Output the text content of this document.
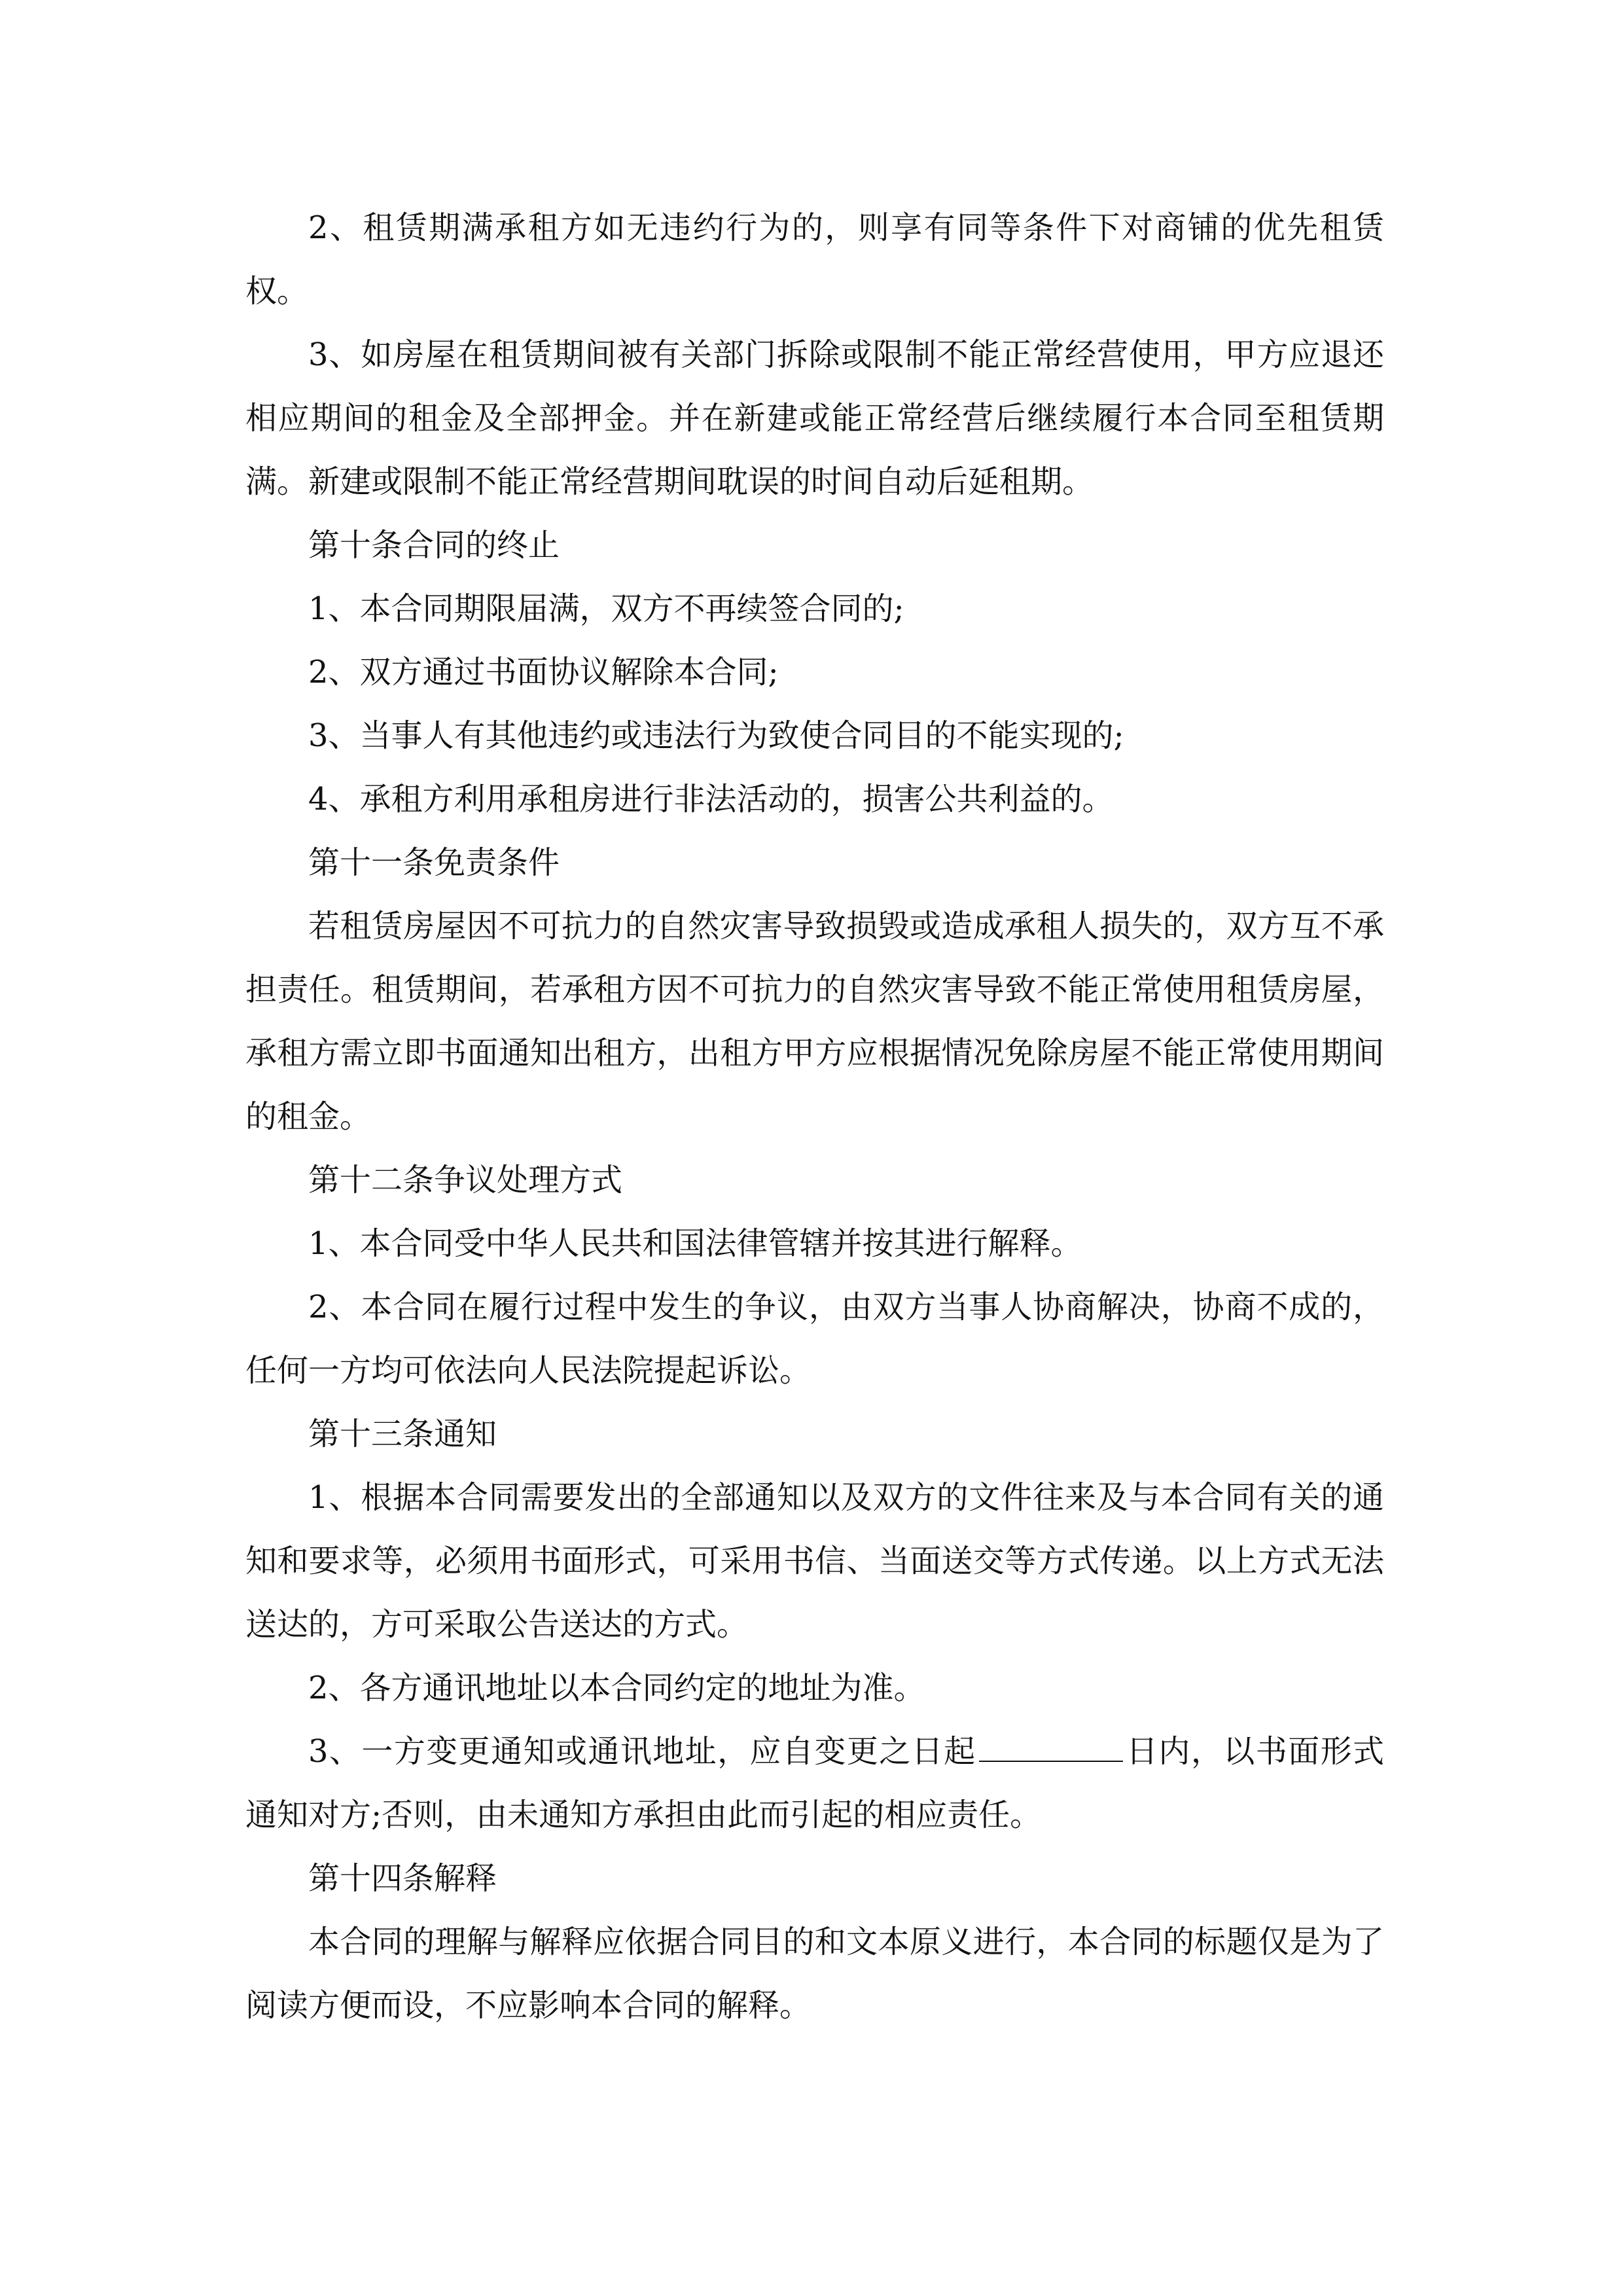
2、租赁期满承租方如无违约行为的，则享有同等条件下对商铺的优先租赁权。

3、如房屋在租赁期间被有关部门拆除或限制不能正常经营使用，甲方应退还相应期间的租金及全部押金。并在新建或能正常经营后继续履行本合同至租赁期满。新建或限制不能正常经营期间耽误的时间自动后延租期。

第十条合同的终止

1、本合同期限届满，双方不再续签合同的;

2、双方通过书面协议解除本合同;

3、当事人有其他违约或违法行为致使合同目的不能实现的;

4、承租方利用承租房进行非法活动的，损害公共利益的。

第十一条免责条件

若租赁房屋因不可抗力的自然灾害导致损毁或造成承租人损失的，双方互不承担责任。租赁期间，若承租方因不可抗力的自然灾害导致不能正常使用租赁房屋，承租方需立即书面通知出租方，出租方甲方应根据情况免除房屋不能正常使用期间的租金。

第十二条争议处理方式

1、本合同受中华人民共和国法律管辖并按其进行解释。

2、本合同在履行过程中发生的争议，由双方当事人协商解决，协商不成的，任何一方均可依法向人民法院提起诉讼。

第十三条通知

1、根据本合同需要发出的全部通知以及双方的文件往来及与本合同有关的通知和要求等，必须用书面形式，可采用书信、当面送交等方式传递。以上方式无法送达的，方可采取公告送达的方式。

2、各方通讯地址以本合同约定的地址为准。

3、一方变更通知或通讯地址，应自变更之日起	日内，以书面形式通知对方;否则，由未通知方承担由此而引起的相应责任。

第十四条解释

本合同的理解与解释应依据合同目的和文本原义进行，本合同的标题仅是为了阅读方便而设，不应影响本合同的解释。
